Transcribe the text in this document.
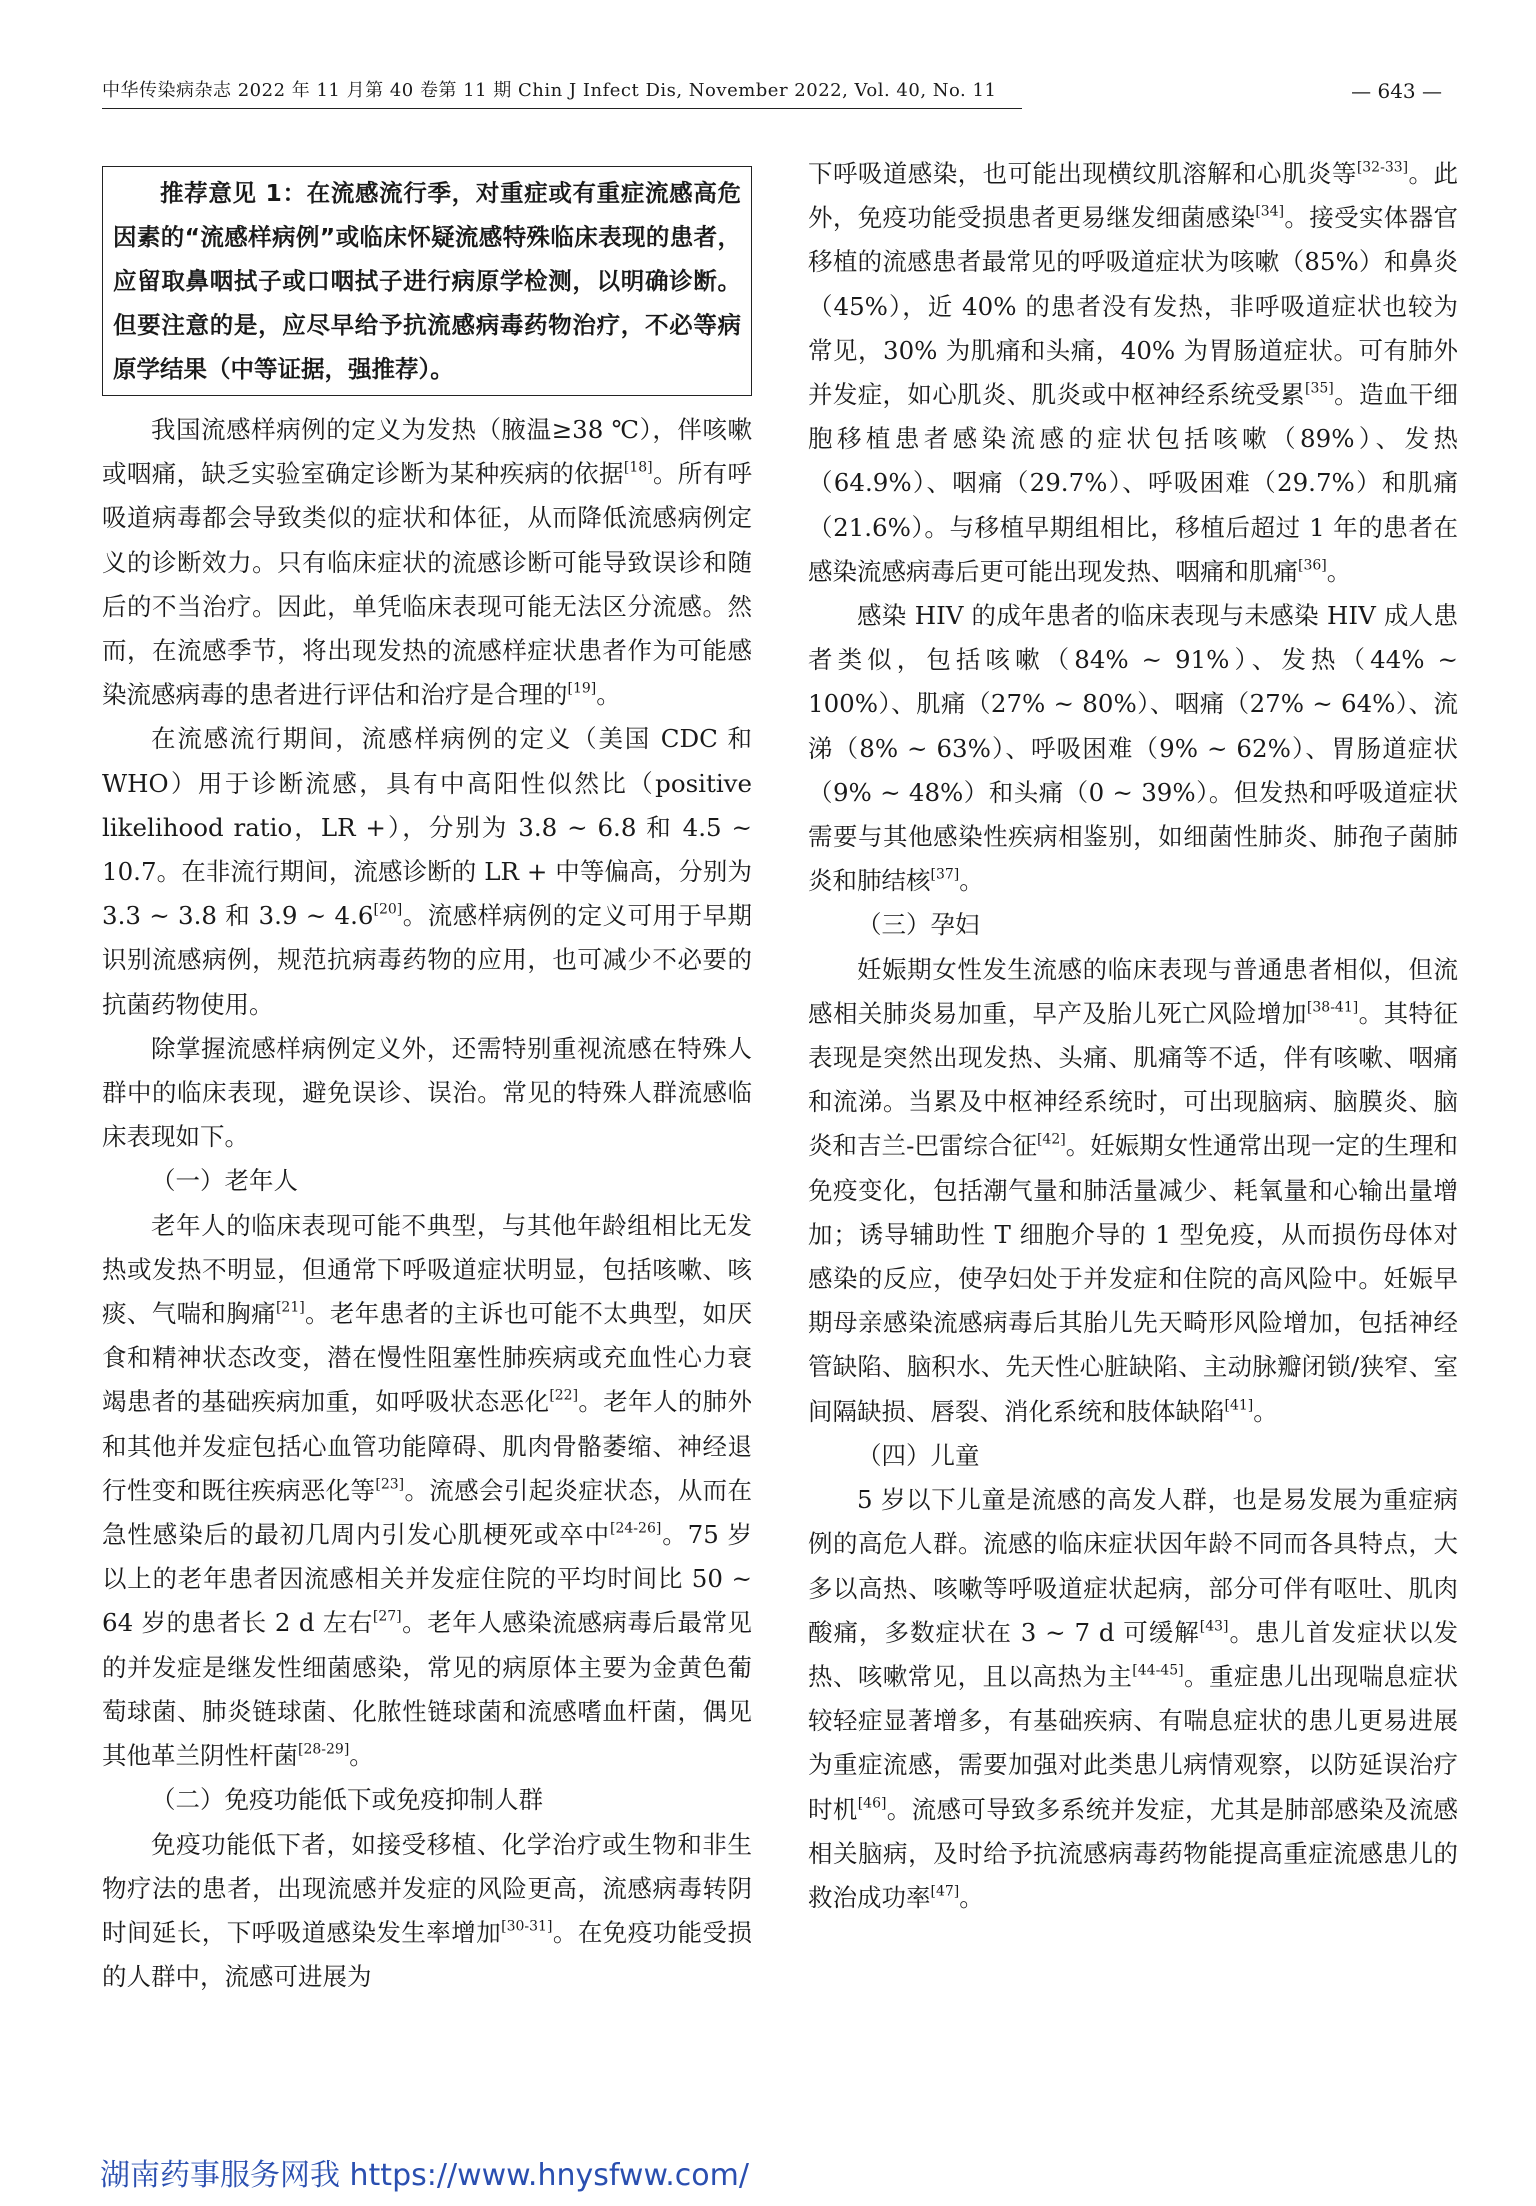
中华传染病杂志 2022 年 11 月第 40 卷第 11 期 Chin J Infect Dis, November 2022, Vol. 40, No. 11	— 643 —
推荐意见 1：在流感流行季，对重症或有重症流感高危因素的“流感样病例”或临床怀疑流感特殊临床表现的患者，应留取鼻咽拭子或口咽拭子进行病原学检测，以明确诊断。但要注意的是，应尽早给予抗流感病毒药物治疗，不必等病原学结果（中等证据，强推荐）。

我国流感样病例的定义为发热（腋温≥38 ℃），伴咳嗽或咽痛，缺乏实验室确定诊断为某种疾病的依据[18]。所有呼吸道病毒都会导致类似的症状和体征，从而降低流感病例定义的诊断效力。只有临床症状的流感诊断可能导致误诊和随后的不当治疗。因此，单凭临床表现可能无法区分流感。然而，在流感季节，将出现发热的流感样症状患者作为可能感染流感病毒的患者进行评估和治疗是合理的[19]。

在流感流行期间，流感样病例的定义（美国 CDC 和 WHO）用于诊断流感，具有中高阳性似然比（positive likelihood ratio，LR +），分别为 3.8 ~ 6.8 和 4.5 ~ 10.7。在非流行期间，流感诊断的 LR + 中等偏高，分别为 3.3 ~ 3.8 和 3.9 ~ 4.6[20]。流感样病例的定义可用于早期识别流感病例，规范抗病毒药物的应用，也可减少不必要的抗菌药物使用。

除掌握流感样病例定义外，还需特别重视流感在特殊人群中的临床表现，避免误诊、误治。常见的特殊人群流感临床表现如下。

（一）老年人

老年人的临床表现可能不典型，与其他年龄组相比无发热或发热不明显，但通常下呼吸道症状明显，包括咳嗽、咳痰、气喘和胸痛[21]。老年患者的主诉也可能不太典型，如厌食和精神状态改变，潜在慢性阻塞性肺疾病或充血性心力衰竭患者的基础疾病加重，如呼吸状态恶化[22]。老年人的肺外和其他并发症包括心血管功能障碍、肌肉骨骼萎缩、神经退行性变和既往疾病恶化等[23]。流感会引起炎症状态，从而在急性感染后的最初几周内引发心肌梗死或卒中[24-26]。75 岁以上的老年患者因流感相关并发症住院的平均时间比 50 ~ 64 岁的患者长 2 d 左右[27]。老年人感染流感病毒后最常见的并发症是继发性细菌感染，常见的病原体主要为金黄色葡萄球菌、肺炎链球菌、化脓性链球菌和流感嗜血杆菌，偶见其他革兰阴性杆菌[28-29]。

（二）免疫功能低下或免疫抑制人群

免疫功能低下者，如接受移植、化学治疗或生物和非生物疗法的患者，出现流感并发症的风险更高，流感病毒转阴时间延长，下呼吸道感染发生率增加[30-31]。在免疫功能受损的人群中，流感可进展为

下呼吸道感染，也可能出现横纹肌溶解和心肌炎等[32-33]。此外，免疫功能受损患者更易继发细菌感染[34]。接受实体器官移植的流感患者最常见的呼吸道症状为咳嗽（85%）和鼻炎（45%），近 40% 的患者没有发热，非呼吸道症状也较为常见，30% 为肌痛和头痛，40% 为胃肠道症状。可有肺外并发症，如心肌炎、肌炎或中枢神经系统受累[35]。造血干细胞移植患者感染流感的症状包括咳嗽（89%）、发热（64.9%）、咽痛（29.7%）、呼吸困难（29.7%）和肌痛（21.6%）。与移植早期组相比，移植后超过 1 年的患者在感染流感病毒后更可能出现发热、咽痛和肌痛[36]。

感染 HIV 的成年患者的临床表现与未感染 HIV 成人患者类似，包括咳嗽（84% ~ 91%）、发热（44% ~ 100%）、肌痛（27% ~ 80%）、咽痛（27% ~ 64%）、流涕（8% ~ 63%）、呼吸困难（9% ~ 62%）、胃肠道症状（9% ~ 48%）和头痛（0 ~ 39%）。但发热和呼吸道症状需要与其他感染性疾病相鉴别，如细菌性肺炎、肺孢子菌肺炎和肺结核[37]。

（三）孕妇

妊娠期女性发生流感的临床表现与普通患者相似，但流感相关肺炎易加重，早产及胎儿死亡风险增加[38-41]。其特征表现是突然出现发热、头痛、肌痛等不适，伴有咳嗽、咽痛和流涕。当累及中枢神经系统时，可出现脑病、脑膜炎、脑炎和吉兰-巴雷综合征[42]。妊娠期女性通常出现一定的生理和免疫变化，包括潮气量和肺活量减少、耗氧量和心输出量增加；诱导辅助性 T 细胞介导的 1 型免疫，从而损伤母体对感染的反应，使孕妇处于并发症和住院的高风险中。妊娠早期母亲感染流感病毒后其胎儿先天畸形风险增加，包括神经管缺陷、脑积水、先天性心脏缺陷、主动脉瓣闭锁/狭窄、室间隔缺损、唇裂、消化系统和肢体缺陷[41]。

（四）儿童

5 岁以下儿童是流感的高发人群，也是易发展为重症病例的高危人群。流感的临床症状因年龄不同而各具特点，大多以高热、咳嗽等呼吸道症状起病，部分可伴有呕吐、肌肉酸痛，多数症状在 3 ~ 7 d 可缓解[43]。患儿首发症状以发热、咳嗽常见，且以高热为主[44-45]。重症患儿出现喘息症状较轻症显著增多，有基础疾病、有喘息症状的患儿更易进展为重症流感，需要加强对此类患儿病情观察，以防延误治疗时机[46]。流感可导致多系统并发症，尤其是肺部感染及流感相关脑病，及时给予抗流感病毒药物能提高重症流感患儿的救治成功率[47]。

湖南药事服务网我 https://www.hnysfww.com/
